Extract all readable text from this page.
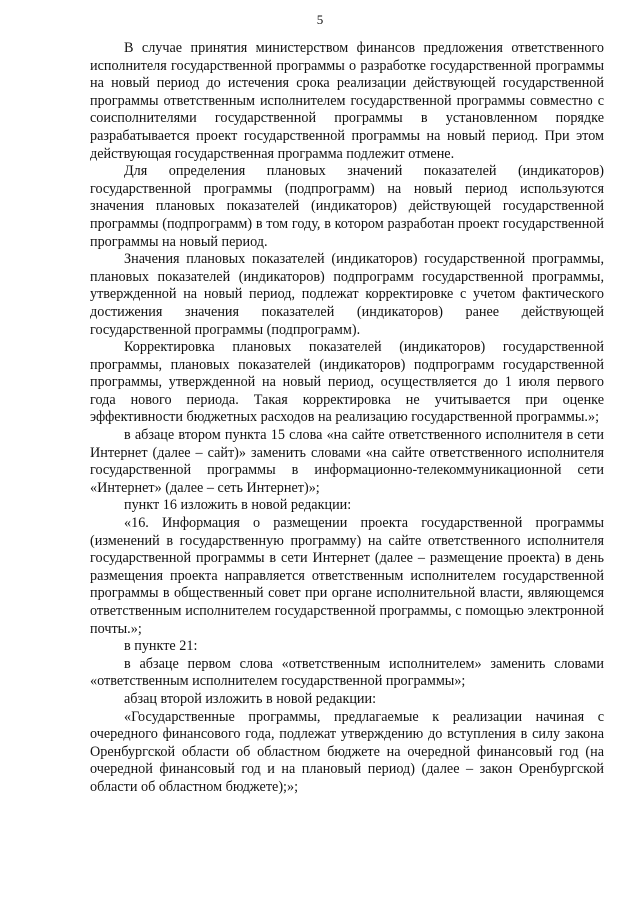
5

В случае принятия министерством финансов предложения ответственного исполнителя государственной программы о разработке государственной программы на новый период до истечения срока реализации действующей государственной программы ответственным исполнителем государственной программы совместно с соисполнителями государственной программы в установленном порядке разрабатывается проект государственной программы на новый период. При этом действующая государственная программа подлежит отмене.

Для определения плановых значений показателей (индикаторов) государственной программы (подпрограмм) на новый период используются значения плановых показателей (индикаторов) действующей государственной программы (подпрограмм) в том году, в котором разработан проект государственной программы на новый период.

Значения плановых показателей (индикаторов) государственной программы, плановых показателей (индикаторов) подпрограмм государственной программы, утвержденной на новый период, подлежат корректировке с учетом фактического достижения значения показателей (индикаторов) ранее действующей государственной программы (подпрограмм).

Корректировка плановых показателей (индикаторов) государственной программы, плановых показателей (индикаторов) подпрограмм государственной программы, утвержденной на новый период, осуществляется до 1 июля первого года нового периода. Такая корректировка не учитывается при оценке эффективности бюджетных расходов на реализацию государственной программы.»;

в абзаце втором пункта 15 слова «на сайте ответственного исполнителя в сети Интернет (далее – сайт)» заменить словами «на сайте ответственного исполнителя государственной программы в информационно-телекоммуникационной сети «Интернет» (далее – сеть Интернет)»;

пункт 16 изложить в новой редакции:

«16. Информация о размещении проекта государственной программы (изменений в государственную программу) на сайте ответственного исполнителя государственной программы в сети Интернет (далее – размещение проекта) в день размещения проекта направляется ответственным исполнителем государственной программы в общественный совет при органе исполнительной власти, являющемся ответственным исполнителем государственной программы, с помощью электронной почты.»;

в пункте 21:

в абзаце первом слова «ответственным исполнителем» заменить словами «ответственным исполнителем государственной программы»;

абзац второй изложить в новой редакции:

«Государственные программы, предлагаемые к реализации начиная с очередного финансового года, подлежат утверждению до вступления в силу закона Оренбургской области об областном бюджете на очередной финансовый год (на очередной финансовый год и на плановый период) (далее – закон Оренбургской области об областном бюджете);»;
